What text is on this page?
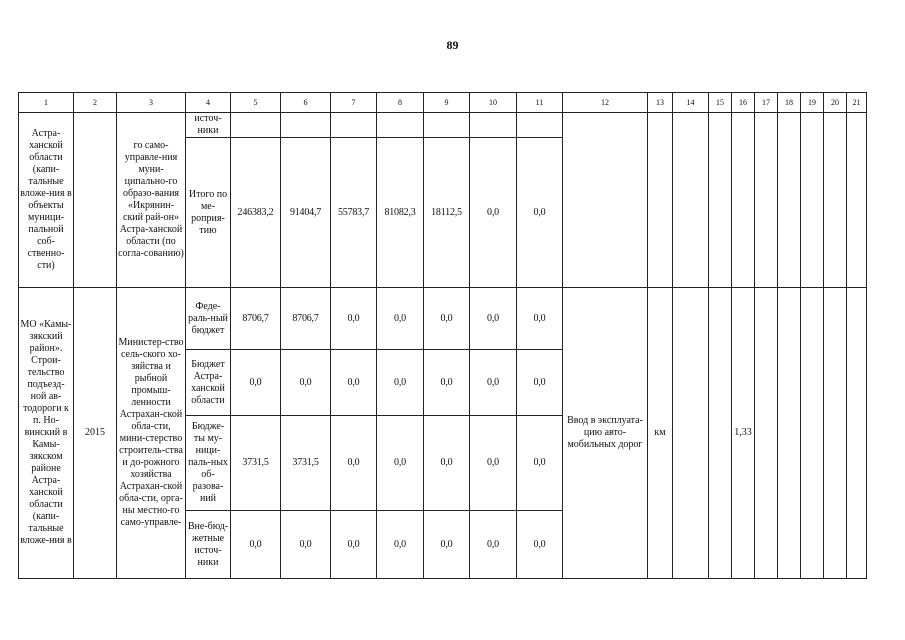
89
1	2	3	4	5	6	7	8	9	10	11	12	13	14	15	16	17	18	19	20	21
Астра-ханской области (капи-тальные вложе-ния в объекты муници-пальной соб-ственно-сти)		го само-управле-ния муни-ципально-го образо-вания «Икрянин-ский рай-он» Астра-ханской области (по согла-сованию)	источ-ники																	
			Итого по ме-роприя-тию	246383,2	91404,7	55783,7	81082,3	18112,5	0,0	0,0										
МО «Камы-зякский район». Строи-тельство подъезд-ной ав-тодороги к п. Но-винский в Камы-зякском районе Астра-ханской области (капи-тальные вложе-ния в	2015	Министер-ство сель-ского хо-зяйства и рыбной промыш-ленности Астрахан-ской обла-сти, мини-стерство строитель-ства и до-рожного хозяйства Астрахан-ской обла-сти, орга-ны местно-го само-управле-	Феде-раль-ный бюджет	8706,7	8706,7	0,0	0,0	0,0	0,0	0,0	Ввод в эксплуата-цию авто-мобильных дорог	км			1,33					
			Бюджет Астра-ханской области	0,0	0,0	0,0	0,0	0,0	0,0	0,0										
			Бюдже-ты му-ници-паль-ных об-разова-ний	3731,5	3731,5	0,0	0,0	0,0	0,0	0,0										
			Вне-бюд-жетные источ-ники	0,0	0,0	0,0	0,0	0,0	0,0	0,0										
